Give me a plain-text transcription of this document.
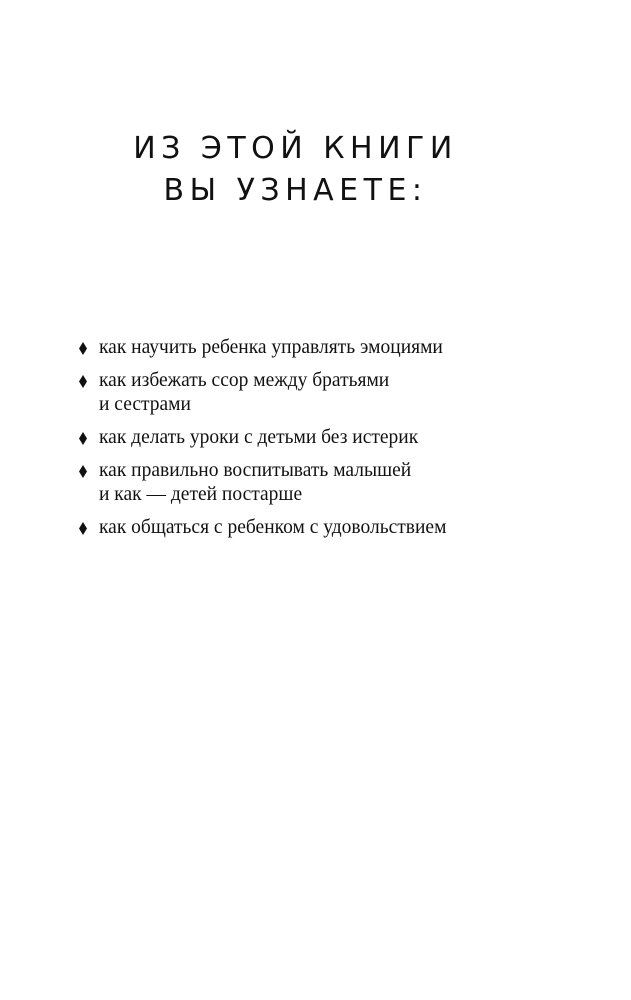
ИЗ ЭТОЙ КНИГИ
ВЫ УЗНАЕТЕ:
как научить ребенка управлять эмоциями
как избежать ссор между братьями
и сестрами
как делать уроки с детьми без истерик
как правильно воспитывать малышей
и как — детей постарше
как общаться с ребенком с удовольствием
